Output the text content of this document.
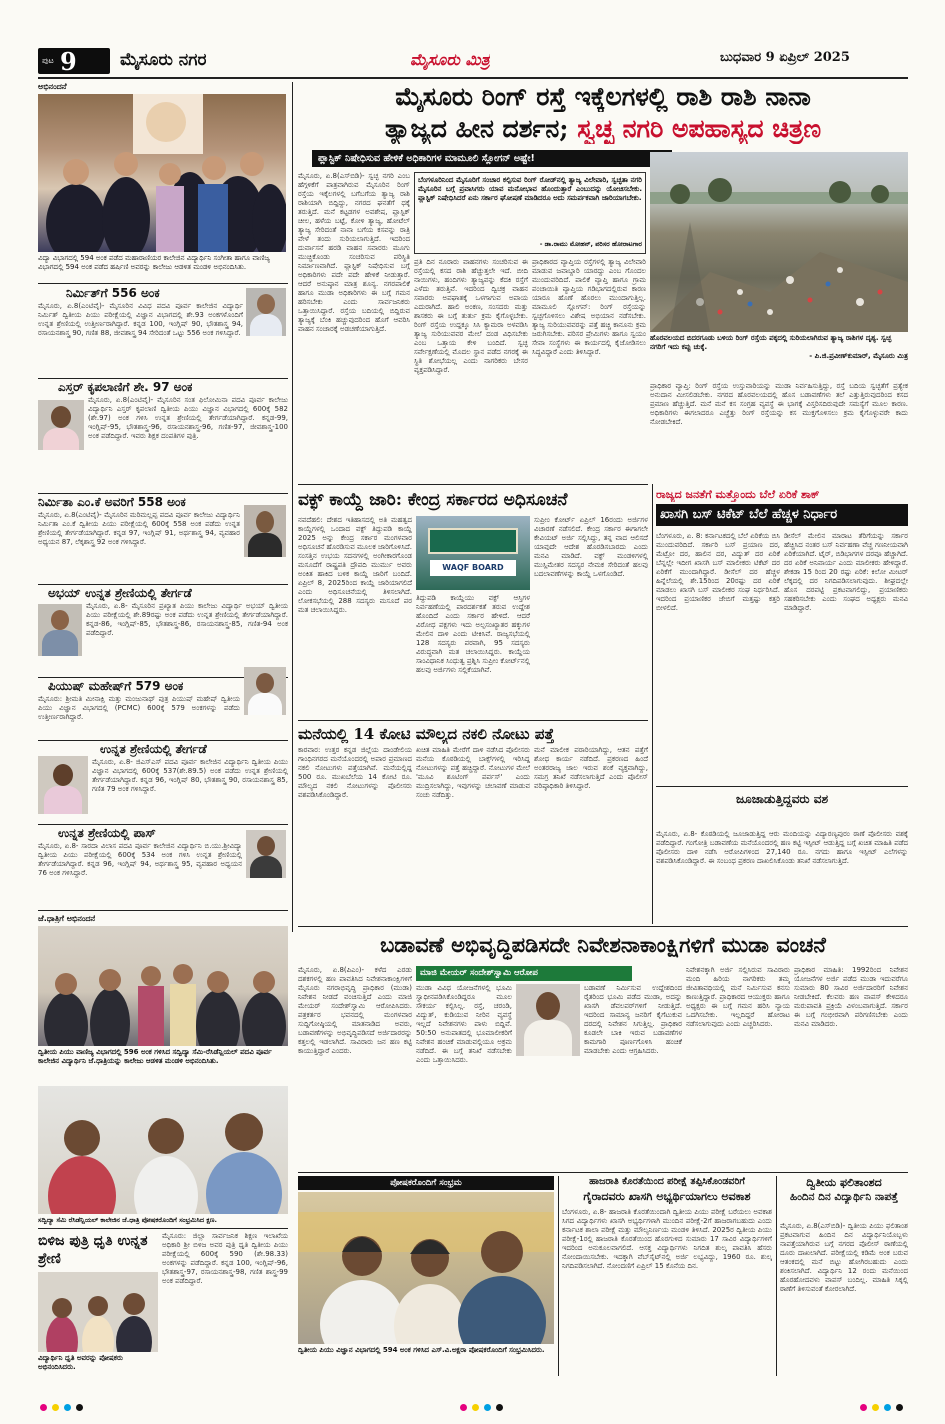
ಪುಟ 9	ಮೈಸೂರು ನಗರ	ಮೈಸೂರು ಮಿತ್ರ	ಬುಧವಾರ 9 ಏಪ್ರಿಲ್ 2025
ಅಭಿನಂದನೆ
ವಿದ್ಯಾ ವಿಭಾಗದಲ್ಲಿ 594 ಅಂಕ ಪಡೆದ ಮಹಾರಾಣಿಯರ ಕಾಲೇಜಿನ ವಿದ್ಯಾರ್ಥಿನಿ ಸಂಗೀತಾ ಹಾಗೂ ವಾಣಿಜ್ಯ ವಿಭಾಗದಲ್ಲಿ 594 ಅಂಕ ಪಡೆದ ಹರ್ಷಿಣಿ ಅವರನ್ನು ಕಾಲೇಜು ಆಡಳಿತ ಮಂಡಳಿ ಅಭಿನಂದಿಸಿತು.
ನಿರ್ಮಿತ್‌ಗೆ 556 ಅಂಕ
ಮೈಸೂರು, ಏ.8(ಎಂಟಿವೈ)- ಮೈಸೂರಿನ ವಿವಿಧ ಪದವಿ ಪೂರ್ವ ಕಾಲೇಜಿನ ವಿದ್ಯಾರ್ಥಿ ನಿರ್ಮಿತ್ ದ್ವಿತೀಯ ಪಿಯು ಪರೀಕ್ಷೆಯಲ್ಲಿ ವಿಜ್ಞಾನ ವಿಭಾಗದಲ್ಲಿ ಶೇ.93 ಅಂಕಗಳೊಂದಿಗೆ ಉನ್ನತ ಶ್ರೇಣಿಯಲ್ಲಿ ಉತ್ತೀರ್ಣರಾಗಿದ್ದಾರೆ. ಕನ್ನಡ 100, ಇಂಗ್ಲಿಷ್ 90, ಭೌತಶಾಸ್ತ್ರ 94, ರಸಾಯನಶಾಸ್ತ್ರ 90, ಗಣಿತ 88, ಜೀವಶಾಸ್ತ್ರ 94 ಸೇರಿದಂತೆ ಒಟ್ಟು 556 ಅಂಕ ಗಳಿಸಿದ್ದಾರೆ.
ಎಸ್ತರ್ ಕೃಪಲಾಣಿಗೆ ಶೇ. 97 ಅಂಕ
ಮೈಸೂರು, ಏ.8(ಎಂಟಿವೈ)- ಮೈಸೂರಿನ ಸಂತ ಫಿಲೋಮಿನಾ ಪದವಿ ಪೂರ್ವ ಕಾಲೇಜು ವಿದ್ಯಾರ್ಥಿನಿ ಎಸ್ತರ್ ಕೃಪಲಾಣಿ ದ್ವಿತೀಯ ಪಿಯು ವಿಜ್ಞಾನ ವಿಭಾಗದಲ್ಲಿ 600ಕ್ಕೆ 582 (ಶೇ.97) ಅಂಕ ಗಳಿಸಿ ಉನ್ನತ ಶ್ರೇಣಿಯಲ್ಲಿ ತೇರ್ಗಡೆಯಾಗಿದ್ದಾರೆ. ಕನ್ನಡ-99, ಇಂಗ್ಲಿಷ್-95, ಭೌತಶಾಸ್ತ್ರ-96, ರಸಾಯನಶಾಸ್ತ್ರ-96, ಗಣಿತ-97, ಜೀವಶಾಸ್ತ್ರ-100 ಅಂಕ ಪಡೆದಿದ್ದಾರೆ. ಇವರು ಶಿಕ್ಷಕ ದಂಪತಿಗಳ ಪುತ್ರಿ.
ನಿರ್ಮಿತಾ ಎಂ.ಕೆ ಅವರಿಗೆ 558 ಅಂಕ
ಮೈಸೂರು, ಏ.8(ಎಂಟಿವೈ)- ಮೈಸೂರಿನ ಮರಿಮಲ್ಲಪ್ಪ ಪದವಿ ಪೂರ್ವ ಕಾಲೇಜು ವಿದ್ಯಾರ್ಥಿನಿ ನಿರ್ಮಿತಾ ಎಂ.ಕೆ ದ್ವಿತೀಯ ಪಿಯು ಪರೀಕ್ಷೆಯಲ್ಲಿ 600ಕ್ಕೆ 558 ಅಂಕ ಪಡೆದು ಉನ್ನತ ಶ್ರೇಣಿಯಲ್ಲಿ ತೇರ್ಗಡೆಯಾಗಿದ್ದಾರೆ. ಕನ್ನಡ 97, ಇಂಗ್ಲಿಷ್ 91, ಅರ್ಥಶಾಸ್ತ್ರ 94, ವ್ಯವಹಾರ ಅಧ್ಯಯನ 87, ಲೆಕ್ಕಶಾಸ್ತ್ರ 92 ಅಂಕ ಗಳಿಸಿದ್ದಾರೆ.
ಅಭಯ್ ಉನ್ನತ ಶ್ರೇಣಿಯಲ್ಲಿ ತೇರ್ಗಡೆ
ಮೈಸೂರು, ಏ.8- ಮೈಸೂರಿನ ಪ್ರಖ್ಯಾತ ಪಿಯು ಕಾಲೇಜು ವಿದ್ಯಾರ್ಥಿ ಅಭಯ್ ದ್ವಿತೀಯ ಪಿಯು ಪರೀಕ್ಷೆಯಲ್ಲಿ ಶೇ.89ರಷ್ಟು ಅಂಕ ಪಡೆದು ಉನ್ನತ ಶ್ರೇಣಿಯಲ್ಲಿ ತೇರ್ಗಡೆಯಾಗಿದ್ದಾರೆ. ಕನ್ನಡ-86, ಇಂಗ್ಲಿಷ್-85, ಭೌತಶಾಸ್ತ್ರ-86, ರಸಾಯನಶಾಸ್ತ್ರ-85, ಗಣಿತ-94 ಅಂಕ ಪಡೆದಿದ್ದಾರೆ.
ಪಿಯುಷ್ ಮಹೇಷ್‌ಗೆ 579 ಅಂಕ
ಮೈಸೂರು: ಶ್ರೀಮತಿ ಮೀನಾಕ್ಷಿ ಮತ್ತು ಮಂಜುನಾಥ್ ಪುತ್ರ ಪಿಯುಷ್ ಮಹೇಷ್ ದ್ವಿತೀಯ ಪಿಯು ವಿಜ್ಞಾನ ವಿಭಾಗದಲ್ಲಿ (PCMC) 600ಕ್ಕೆ 579 ಅಂಕಗಳನ್ನು ಪಡೆದು ಉತ್ತೀರ್ಣರಾಗಿದ್ದಾರೆ.
ಉನ್ನತ ಶ್ರೇಣಿಯಲ್ಲಿ ತೇರ್ಗಡೆ
ಮೈಸೂರು, ಏ.8- ಜಿಎಸ್‌ಎಸ್ ಪದವಿ ಪೂರ್ವ ಕಾಲೇಜಿನ ವಿದ್ಯಾರ್ಥಿನಿ ದ್ವಿತೀಯ ಪಿಯು ವಿಜ್ಞಾನ ವಿಭಾಗದಲ್ಲಿ 600ಕ್ಕೆ 537(ಶೇ.89.5) ಅಂಕ ಪಡೆದು ಉನ್ನತ ಶ್ರೇಣಿಯಲ್ಲಿ ತೇರ್ಗಡೆಯಾಗಿದ್ದಾರೆ. ಕನ್ನಡ 96, ಇಂಗ್ಲಿಷ್ 80, ಭೌತಶಾಸ್ತ್ರ 90, ರಸಾಯನಶಾಸ್ತ್ರ 85, ಗಣಿತ 79 ಅಂಕ ಗಳಿಸಿದ್ದಾರೆ.
ಉನ್ನತ ಶ್ರೇಣಿಯಲ್ಲಿ ಪಾಸ್
ಮೈಸೂರು, ಏ.8- ಸಾರದಾ ವಿಲಾಸ ಪದವಿ ಪೂರ್ವ ಕಾಲೇಜಿನ ವಿದ್ಯಾರ್ಥಿನಿ ಬಿ.ಯು.ಶ್ರೀವಿದ್ಯಾ ದ್ವಿತೀಯ ಪಿಯು ಪರೀಕ್ಷೆಯಲ್ಲಿ 600ಕ್ಕೆ 534 ಅಂಕ ಗಳಿಸಿ ಉನ್ನತ ಶ್ರೇಣಿಯಲ್ಲಿ ತೇರ್ಗಡೆಯಾಗಿದ್ದಾರೆ. ಕನ್ನಡ 96, ಇಂಗ್ಲಿಷ್ 94, ಅರ್ಥಶಾಸ್ತ್ರ 95, ವ್ಯವಹಾರ ಅಧ್ಯಯನ 76 ಅಂಕ ಗಳಿಸಿದ್ದಾರೆ.
ಜೆ.ಧಾತ್ರಿಗೆ ಅಭಿನಂದನೆ
ದ್ವಿತೀಯ ಪಿಯು ವಾಣಿಜ್ಯ ವಿಭಾಗದಲ್ಲಿ 596 ಅಂಕ ಗಳಿಸಿದ ಸದ್ವಿದ್ಯಾ ಸೆಮಿ-ರೆಸಿಡೆನ್ಷಿಯಲ್ ಪದವಿ ಪೂರ್ವ ಕಾಲೇಜಿನ ವಿದ್ಯಾರ್ಥಿನಿ ಜೆ.ಧಾತ್ರಿಯನ್ನು ಕಾಲೇಜು ಆಡಳಿತ ಮಂಡಳಿ ಅಭಿನಂದಿಸಿತು.
ಸದ್ವಿದ್ಯಾ ಸೆಮಿ ರೆಸಿಡೆನ್ಷಿಯಲ್ ಕಾಲೇಜಿನ ಜೆ.ಧಾತ್ರಿ ಪೋಷಕರೊಂದಿಗೆ ಸಂಭ್ರಮಿಸಿದ ಕ್ಷಣ.
ಬಿಳಿಜ ಪುತ್ರಿ ಧೃತಿ ಉನ್ನತ ಶ್ರೇಣಿ
ಮೈಸೂರು: ಜಿಲ್ಲಾ ಸಾರ್ವಜನಿಕ ಶಿಕ್ಷಣ ಇಲಾಖೆಯ ಅಧಿಕಾರಿ ಶ್ರೀ ಬಿಳಿಜ ಅವರ ಪುತ್ರಿ ಧೃತಿ ದ್ವಿತೀಯ ಪಿಯು ಪರೀಕ್ಷೆಯಲ್ಲಿ 600ಕ್ಕೆ 590 (ಶೇ.98.33) ಅಂಕಗಳನ್ನು ಪಡೆದಿದ್ದಾರೆ. ಕನ್ನಡ 100, ಇಂಗ್ಲಿಷ್-96, ಭೌತಶಾಸ್ತ್ರ-97, ರಸಾಯನಶಾಸ್ತ್ರ-98, ಗಣಿತ ಶಾಸ್ತ್ರ-99 ಅಂಕ ಪಡೆದಿದ್ದಾರೆ.
ವಿದ್ಯಾರ್ಥಿನಿ ಧೃತಿ ಅವರನ್ನು ಪೋಷಕರು ಅಭಿನಂದಿಸಿದರು.
ಮೈಸೂರು ರಿಂಗ್ ರಸ್ತೆ ಇಕ್ಕೆಲಗಳಲ್ಲಿ ರಾಶಿ ರಾಶಿ ನಾನಾ
ತ್ಯಾಜ್ಯದ ಹೀನ ದರ್ಶನ; ಸ್ವಚ್ಛ ನಗರಿ ಅಪಹಾಸ್ಯದ ಚಿತ್ರಣ
ಪ್ಲಾಸ್ಟಿಕ್ ನಿಷೇಧಿಸುವ ಹೇಳಿಕೆ ಅಧಿಕಾರಿಗಳ ಮಾಮೂಲಿ ಸ್ಲೋಗನ್ ಅಷ್ಟೇ!
ಮೈಸೂರು, ಏ.8(ಎಸ್‌ಬಿಡಿ)- ಸ್ವಚ್ಛ ನಗರಿ ಎಂಬ ಹೆಗ್ಗಳಿಕೆಗೆ ಪಾತ್ರವಾಗಿರುವ ಮೈಸೂರಿನ ರಿಂಗ್ ರಸ್ತೆಯ ಇಕ್ಕೆಲಗಳಲ್ಲಿ ಬಗೆಬಗೆಯ ತ್ಯಾಜ್ಯ ರಾಶಿ ರಾಶಿಯಾಗಿ ಬಿದ್ದಿದ್ದು, ನಗರದ ಘನತೆಗೆ ಧಕ್ಕೆ ತರುತ್ತಿದೆ. ಮನೆ ಕಟ್ಟಡಗಳ ಅವಶೇಷ, ಪ್ಲಾಸ್ಟಿಕ್ ಚೀಲ, ಹಳೆಯ ಬಟ್ಟೆ, ಕೋಳಿ ತ್ಯಾಜ್ಯ, ಹೋಟೆಲ್ ತ್ಯಾಜ್ಯ ಸೇರಿದಂತೆ ನಾನಾ ಬಗೆಯ ಕಸವನ್ನು ರಾತ್ರಿ ವೇಳೆ ತಂದು ಸುರಿಯಲಾಗುತ್ತಿದೆ. ಇದರಿಂದ ದುರ್ವಾಸನೆ ಹರಡಿ ವಾಹನ ಸವಾರರು ಮೂಗು ಮುಚ್ಚಿಕೊಂಡು ಸಂಚರಿಸುವ ಪರಿಸ್ಥಿತಿ ನಿರ್ಮಾಣವಾಗಿದೆ. ಪ್ಲಾಸ್ಟಿಕ್ ನಿಷೇಧಿಸುವ ಬಗ್ಗೆ ಅಧಿಕಾರಿಗಳು ಪದೇ ಪದೇ ಹೇಳಿಕೆ ನೀಡುತ್ತಾರೆ. ಆದರೆ ಅನುಷ್ಠಾನ ಮಾತ್ರ ಶೂನ್ಯ. ನಗರಪಾಲಿಕೆ ಹಾಗೂ ಮುಡಾ ಅಧಿಕಾರಿಗಳು ಈ ಬಗ್ಗೆ ಗಮನ ಹರಿಸಬೇಕು ಎಂದು ಸಾರ್ವಜನಿಕರು ಒತ್ತಾಯಿಸಿದ್ದಾರೆ. ರಸ್ತೆಯ ಬದಿಯಲ್ಲಿ ಬಿದ್ದಿರುವ ತ್ಯಾಜ್ಯಕ್ಕೆ ಬೆಂಕಿ ಹಚ್ಚುವುದರಿಂದ ಹೊಗೆ ಆವರಿಸಿ ವಾಹನ ಸಂಚಾರಕ್ಕೆ ಅಡಚಣೆಯಾಗುತ್ತಿದೆ.
ಬೆಂಗಳೂರಿನಿಂದ ಮೈಸೂರಿಗೆ ಸಂಚಾರ ಕಲ್ಪಿಸುವ ರಿಂಗ್ ರೋಡ್‌ನಲ್ಲಿ ತ್ಯಾಜ್ಯ ವಿಲೇವಾರಿ, ಸ್ವಚ್ಛತಾ ನಗರಿ ಮೈಸೂರಿನ ಬಗ್ಗೆ ಪ್ರವಾಸಿಗರು ಯಾವ ಮನೋಭಾವ ಹೊಂದುತ್ತಾರೆ ಎಂಬುದನ್ನು ಯೋಚಿಸಬೇಕು. ಪ್ಲಾಸ್ಟಿಕ್ ನಿಷೇಧಿಸಿದರೆ ಏನು ಸರ್ಕಾರ ಘೋಷಣೆ ಮಾಡಿದರೂ ಅದು ಸಮರ್ಪಕವಾಗಿ ಜಾರಿಯಾಗಬೇಕು.
- ಡಾ.ರಾಮು ಮೋಹನ್, ಪರಿಸರ ಹೋರಾಟಗಾರ
ಹೊರವಲಯದ ಬಿದರಗೂಡು ಬಳಿಯ ರಿಂಗ್ ರಸ್ತೆಯ ಪಕ್ಕದಲ್ಲಿ ಸುರಿಯಲಾಗಿರುವ ತ್ಯಾಜ್ಯ ರಾಶಿಗಳ ದೃಶ್ಯ. ಸ್ವಚ್ಛ ನಗರಿಗೆ ಇದು ಕಪ್ಪು ಚುಕ್ಕೆ.
- ಪಿ.ಜಿ.ಪ್ರವೀಣ್‌ಕುಮಾರ್, ಮೈಸೂರು ಮಿತ್ರ
ಪ್ರತಿ ದಿನ ನೂರಾರು ವಾಹನಗಳು ಸಂಚರಿಸುವ ಈ ರಸ್ತೆಯಲ್ಲಿ ಕಸದ ರಾಶಿ ಹೆಚ್ಚುತ್ತಲೇ ಇದೆ. ಬೀದಿ ನಾಯಿಗಳು, ಹಂದಿಗಳು ತ್ಯಾಜ್ಯವನ್ನು ಕೆದಕಿ ರಸ್ತೆಗೆ ಎಳೆದು ತರುತ್ತಿವೆ. ಇದರಿಂದ ದ್ವಿಚಕ್ರ ವಾಹನ ಸವಾರರು ಅಪಘಾತಕ್ಕೆ ಒಳಗಾಗುವ ಅಪಾಯ ಎದುರಾಗಿದೆ. ಹಾಲಿ ಅಂಕಣ, ಸಂಸದರು ಮತ್ತು ಶಾಸಕರು ಈ ಬಗ್ಗೆ ತುರ್ತು ಕ್ರಮ ಕೈಗೊಳ್ಳಬೇಕು. ರಿಂಗ್ ರಸ್ತೆಯ ಉದ್ದಕ್ಕೂ ಸಿಸಿ ಕ್ಯಾಮರಾ ಅಳವಡಿಸಿ ತ್ಯಾಜ್ಯ ಸುರಿಯುವವರ ಮೇಲೆ ದಂಡ ವಿಧಿಸಬೇಕು ಎಂಬ ಒತ್ತಾಯ ಕೇಳಿ ಬಂದಿದೆ. ಸ್ವಚ್ಛ ಸರ್ವೇಕ್ಷಣೆಯಲ್ಲಿ ಮೊದಲ ಸ್ಥಾನ ಪಡೆದ ನಗರಕ್ಕೆ ಈ ಸ್ಥಿತಿ ಶೋಭೆಯಲ್ಲ ಎಂದು ನಾಗರಿಕರು ಬೇಸರ ವ್ಯಕ್ತಪಡಿಸಿದ್ದಾರೆ.
ಪ್ರಾಧಿಕಾರದ ವ್ಯಾಪ್ತಿಯ ರಸ್ತೆಗಳಲ್ಲಿ ತ್ಯಾಜ್ಯ ವಿಲೇವಾರಿ ಮಾಡುವ ಜವಾಬ್ದಾರಿ ಯಾರದ್ದು ಎಂಬ ಗೊಂದಲ ಮುಂದುವರಿದಿದೆ. ಪಾಲಿಕೆ ವ್ಯಾಪ್ತಿ ಹಾಗೂ ಗ್ರಾಮ ಪಂಚಾಯಿತಿ ವ್ಯಾಪ್ತಿಯ ಗಡಿಭಾಗದಲ್ಲಿರುವ ಕಾರಣ ಯಾರೂ ಹೊಣೆ ಹೊರಲು ಮುಂದಾಗುತ್ತಿಲ್ಲ. ಮಾಮೂಲಿ ಸ್ಲೋಗನ್: ರಿಂಗ್ ರಸ್ತೆಯನ್ನು ಸ್ವಚ್ಛಗೊಳಿಸಲು ವಿಶೇಷ ಅಭಿಯಾನ ನಡೆಸಬೇಕು. ತ್ಯಾಜ್ಯ ಸುರಿಯುವವರನ್ನು ಪತ್ತೆ ಹಚ್ಚಿ ಕಾನೂನು ಕ್ರಮ ಜರುಗಿಸಬೇಕು. ಪರಿಸರ ಪ್ರೇಮಿಗಳು ಹಾಗೂ ಸ್ವಯಂ ಸೇವಾ ಸಂಸ್ಥೆಗಳು ಈ ಕಾರ್ಯದಲ್ಲಿ ಕೈಜೋಡಿಸಲು ಸಿದ್ಧವಿದ್ದಾರೆ ಎಂದು ತಿಳಿಸಿದ್ದಾರೆ.
ಪ್ರಾಧಿಕಾರ ವ್ಯಾಪ್ತಿ: ರಿಂಗ್ ರಸ್ತೆಯ ಉಸ್ತುವಾರಿಯನ್ನು ಮುಡಾ ನಿರ್ವಹಿಸುತ್ತಿದ್ದು, ರಸ್ತೆ ಬದಿಯ ಸ್ವಚ್ಛತೆಗೆ ಪ್ರತ್ಯೇಕ ಅನುದಾನ ಮೀಸಲಿಡಬೇಕು. ನಗರದ ಹೊರವಲಯದಲ್ಲಿ ಹೊಸ ಬಡಾವಣೆಗಳು ತಲೆ ಎತ್ತುತ್ತಿರುವುದರಿಂದ ಕಸದ ಪ್ರಮಾಣ ಹೆಚ್ಚುತ್ತಿದೆ. ಮನೆ ಮನೆ ಕಸ ಸಂಗ್ರಹ ವ್ಯವಸ್ಥೆ ಈ ಭಾಗಕ್ಕೆ ವಿಸ್ತರಿಸದಿರುವುದೇ ಸಮಸ್ಯೆಗೆ ಮೂಲ ಕಾರಣ. ಅಧಿಕಾರಿಗಳು ಈಗಲಾದರೂ ಎಚ್ಚೆತ್ತು ರಿಂಗ್ ರಸ್ತೆಯನ್ನು ಕಸ ಮುಕ್ತಗೊಳಿಸಲು ಕ್ರಮ ಕೈಗೊಳ್ಳುವರೇ ಕಾದು ನೋಡಬೇಕಿದೆ.
ವಕ್ಫ್ ಕಾಯ್ದೆ ಜಾರಿ: ಕೇಂದ್ರ ಸರ್ಕಾರದ ಅಧಿಸೂಚನೆ
ನವದೆಹಲಿ: ದೇಶದ ಇತಿಹಾಸದಲ್ಲಿ ಅತಿ ಮಹತ್ವದ ಕಾಯ್ದೆಗಳಲ್ಲಿ ಒಂದಾದ ವಕ್ಫ್ ತಿದ್ದುಪಡಿ ಕಾಯ್ದೆ 2025 ಅನ್ನು ಕೇಂದ್ರ ಸರ್ಕಾರ ಮಂಗಳವಾರ ಅಧಿಸೂಚನೆ ಹೊರಡಿಸುವ ಮೂಲಕ ಜಾರಿಗೊಳಿಸಿದೆ. ಸಂಸತ್ತಿನ ಉಭಯ ಸದನಗಳಲ್ಲಿ ಅಂಗೀಕಾರಗೊಂಡ ಮಸೂದೆಗೆ ರಾಷ್ಟ್ರಪತಿ ದ್ರೌಪದಿ ಮುರ್ಮು ಅವರು ಅಂಕಿತ ಹಾಕಿದ ಬಳಿಕ ಕಾಯ್ದೆ ಜಾರಿಗೆ ಬಂದಿದೆ. ಏಪ್ರಿಲ್ 8, 2025ರಿಂದ ಕಾಯ್ದೆ ಜಾರಿಯಾಗಲಿದೆ ಎಂದು ಅಧಿಸೂಚನೆಯಲ್ಲಿ ತಿಳಿಸಲಾಗಿದೆ. ಲೋಕಸಭೆಯಲ್ಲಿ 288 ಸದಸ್ಯರು ಮಸೂದೆ ಪರ ಮತ ಚಲಾಯಿಸಿದ್ದರು.
WAQF BOARD
ತಿದ್ದುಪಡಿ ಕಾಯ್ದೆಯು ವಕ್ಫ್ ಆಸ್ತಿಗಳ ನಿರ್ವಹಣೆಯಲ್ಲಿ ಪಾರದರ್ಶಕತೆ ತರುವ ಉದ್ದೇಶ ಹೊಂದಿದೆ ಎಂದು ಸರ್ಕಾರ ಹೇಳಿದೆ. ಆದರೆ ವಿರೋಧ ಪಕ್ಷಗಳು ಇದು ಅಲ್ಪಸಂಖ್ಯಾತರ ಹಕ್ಕುಗಳ ಮೇಲಿನ ದಾಳಿ ಎಂದು ಟೀಕಿಸಿವೆ. ರಾಜ್ಯಸಭೆಯಲ್ಲಿ 128 ಸದಸ್ಯರು ಪರವಾಗಿ, 95 ಸದಸ್ಯರು ವಿರುದ್ಧವಾಗಿ ಮತ ಚಲಾಯಿಸಿದ್ದರು. ಕಾಯ್ದೆಯ ಸಾಂವಿಧಾನಿಕ ಸಿಂಧುತ್ವ ಪ್ರಶ್ನಿಸಿ ಸುಪ್ರೀಂ ಕೋರ್ಟ್‌ನಲ್ಲಿ ಹಲವು ಅರ್ಜಿಗಳು ಸಲ್ಲಿಕೆಯಾಗಿವೆ.
ಸುಪ್ರೀಂ ಕೋರ್ಟ್ ಏಪ್ರಿಲ್ 16ರಂದು ಅರ್ಜಿಗಳ ವಿಚಾರಣೆ ನಡೆಸಲಿದೆ. ಕೇಂದ್ರ ಸರ್ಕಾರ ಈಗಾಗಲೇ ಕೇವಿಯಟ್ ಅರ್ಜಿ ಸಲ್ಲಿಸಿದ್ದು, ತನ್ನ ವಾದ ಆಲಿಸದೆ ಯಾವುದೇ ಆದೇಶ ಹೊರಡಿಸಬಾರದು ಎಂದು ಮನವಿ ಮಾಡಿದೆ. ವಕ್ಫ್ ಮಂಡಳಿಗಳಲ್ಲಿ ಮುಸ್ಲಿಮೇತರ ಸದಸ್ಯರ ನೇಮಕ ಸೇರಿದಂತೆ ಹಲವು ಬದಲಾವಣೆಗಳನ್ನು ಕಾಯ್ದೆ ಒಳಗೊಂಡಿದೆ.
ಮನೆಯಲ್ಲಿ 14 ಕೋಟಿ ಮೌಲ್ಯದ ನಕಲಿ ನೋಟು ಪತ್ತೆ
ಕಾರವಾರ: ಉತ್ತರ ಕನ್ನಡ ಜಿಲ್ಲೆಯ ದಾಂಡೇಲಿಯ ಗಾಂಧಿನಗರದ ಮನೆಯೊಂದರಲ್ಲಿ ಅಪಾರ ಪ್ರಮಾಣದ ನಕಲಿ ನೋಟುಗಳು ಪತ್ತೆಯಾಗಿವೆ. ಮನೆಯಲ್ಲಿದ್ದ 500 ರೂ. ಮುಖಬೆಲೆಯ 14 ಕೋಟಿ ರೂ. ಮೌಲ್ಯದ ನಕಲಿ ನೋಟುಗಳನ್ನು ಪೊಲೀಸರು ವಶಪಡಿಸಿಕೊಂಡಿದ್ದಾರೆ.
ಖಚಿತ ಮಾಹಿತಿ ಮೇರೆಗೆ ದಾಳಿ ನಡೆಸಿದ ಪೊಲೀಸರು ಮನೆಯ ಕೊಠಡಿಯಲ್ಲಿ ಬಾಕ್ಸ್‌ಗಳಲ್ಲಿ ಇರಿಸಿದ್ದ ನೋಟುಗಳನ್ನು ಪತ್ತೆ ಹಚ್ಚಿದ್ದಾರೆ. ನೋಟುಗಳ ಮೇಲೆ 'ಮೂವಿ ಶೂಟಿಂಗ್ ಪರ್ಪಸ್' ಎಂದು ಮುದ್ರಿಸಲಾಗಿದ್ದು, ಇವುಗಳನ್ನು ಚಲಾವಣೆ ಮಾಡುವ ಸಂಚು ನಡೆದಿತ್ತು.
ಮನೆ ಮಾಲೀಕ ಪರಾರಿಯಾಗಿದ್ದು, ಆತನ ಪತ್ತೆಗೆ ಶೋಧ ಕಾರ್ಯ ನಡೆದಿದೆ. ಪ್ರಕರಣದ ಹಿಂದೆ ಅಂತರರಾಜ್ಯ ಜಾಲ ಇರುವ ಶಂಕೆ ವ್ಯಕ್ತವಾಗಿದ್ದು, ಸಮಗ್ರ ತನಿಖೆ ನಡೆಸಲಾಗುತ್ತಿದೆ ಎಂದು ಪೊಲೀಸ್ ವರಿಷ್ಠಾಧಿಕಾರಿ ತಿಳಿಸಿದ್ದಾರೆ.
ರಾಜ್ಯದ ಜನತೆಗೆ ಮತ್ತೊಂದು ಬೆಲೆ ಏರಿಕೆ ಶಾಕ್
ಖಾಸಗಿ ಬಸ್ ಟಿಕೆಟ್ ಬೆಲೆ ಹೆಚ್ಚಳ ನಿರ್ಧಾರ
ಬೆಂಗಳೂರು, ಏ. 8: ಕರ್ನಾಟಕದಲ್ಲಿ ಬೆಲೆ ಏರಿಕೆಯ ಬಿಸಿ ಮುಂದುವರಿದಿದೆ. ಸರ್ಕಾರಿ ಬಸ್ ಪ್ರಯಾಣ ದರ, ಮೆಟ್ರೋ ದರ, ಹಾಲಿನ ದರ, ವಿದ್ಯುತ್ ದರ ಏರಿಕೆ ಬೆನ್ನಲ್ಲೇ ಇದೀಗ ಖಾಸಗಿ ಬಸ್ ಮಾಲೀಕರು ಟಿಕೆಟ್ ದರ ಏರಿಕೆಗೆ ಮುಂದಾಗಿದ್ದಾರೆ. ಡೀಸೆಲ್ ದರ ಹೆಚ್ಚಳ ಹಿನ್ನೆಲೆಯಲ್ಲಿ ಶೇ.15ರಿಂದ 20ರಷ್ಟು ದರ ಏರಿಕೆ ಮಾಡಲು ಖಾಸಗಿ ಬಸ್ ಮಾಲೀಕರ ಸಂಘ ನಿರ್ಧರಿಸಿದೆ. ಇದರಿಂದ ಪ್ರಯಾಣಿಕರ ಜೇಬಿಗೆ ಮತ್ತಷ್ಟು ಕತ್ತರಿ ಬೀಳಲಿದೆ.
ಡೀಸೆಲ್ ಮೇಲಿನ ಮಾರಾಟ ತೆರಿಗೆಯನ್ನು ಸರ್ಕಾರ ಹೆಚ್ಚಿಸಿದ ನಂತರ ಬಸ್ ನಿರ್ವಹಣಾ ವೆಚ್ಚ ಗಣನೀಯವಾಗಿ ಏರಿಕೆಯಾಗಿದೆ. ಟೈರ್, ಬಿಡಿಭಾಗಗಳ ದರವೂ ಹೆಚ್ಚಾಗಿದೆ. ದರ ಏರಿಕೆ ಅನಿವಾರ್ಯ ಎಂದು ಮಾಲೀಕರು ಹೇಳಿದ್ದಾರೆ. ಶೇಕಡಾ 15 ರಿಂದ 20 ರಷ್ಟು ಏರಿಕೆ: ಕಿಲೋ ಮೀಟರ್ ಲೆಕ್ಕದಲ್ಲಿ ದರ ನಿಗದಿಪಡಿಸಲಾಗುವುದು. ಶೀಘ್ರದಲ್ಲೇ ಹೊಸ ದರಪಟ್ಟಿ ಪ್ರಕಟವಾಗಲಿದ್ದು, ಪ್ರಯಾಣಿಕರು ಸಹಕರಿಸಬೇಕು ಎಂದು ಸಂಘದ ಅಧ್ಯಕ್ಷರು ಮನವಿ ಮಾಡಿದ್ದಾರೆ.
ಜೂಜಾಡುತ್ತಿದ್ದವರು ವಶ
ಮೈಸೂರು, ಏ.8- ಕೊಠಡಿಯಲ್ಲಿ ಜೂಜಾಡುತ್ತಿದ್ದ ಆರು ಮಂದಿಯನ್ನು ವಿದ್ಯಾರಣ್ಯಪುರಂ ಠಾಣೆ ಪೊಲೀಸರು ವಶಕ್ಕೆ ಪಡೆದಿದ್ದಾರೆ. ಗಂಗೋತ್ರಿ ಬಡಾವಣೆಯ ಮನೆಯೊಂದರಲ್ಲಿ ಹಣ ಕಟ್ಟಿ ಇಸ್ಪೀಟ್ ಆಡುತ್ತಿದ್ದ ಬಗ್ಗೆ ಖಚಿತ ಮಾಹಿತಿ ಪಡೆದ ಪೊಲೀಸರು ದಾಳಿ ನಡೆಸಿ ಆರೋಪಿಗಳಿಂದ 27,140 ರೂ. ನಗದು ಹಾಗೂ ಇಸ್ಪೀಟ್ ಎಲೆಗಳನ್ನು ವಶಪಡಿಸಿಕೊಂಡಿದ್ದಾರೆ. ಈ ಸಂಬಂಧ ಪ್ರಕರಣ ದಾಖಲಿಸಿಕೊಂಡು ತನಿಖೆ ನಡೆಸಲಾಗುತ್ತಿದೆ.
ಬಡಾವಣೆ ಅಭಿವೃದ್ಧಿಪಡಿಸದೇ ನಿವೇಶನಾಕಾಂಕ್ಷಿಗಳಿಗೆ ಮುಡಾ ವಂಚನೆ
ಮೈಸೂರು, ಏ.8(ಪಿಎಂ)- ಕಳೆದ ಎರಡು ದಶಕಗಳಲ್ಲಿ ಹಣ ಪಾವತಿಸಿದ ನಿವೇಶನಾಕಾಂಕ್ಷಿಗಳಿಗೆ ಮೈಸೂರು ನಗರಾಭಿವೃದ್ಧಿ ಪ್ರಾಧಿಕಾರ (ಮುಡಾ) ನಿವೇಶನ ನೀಡದೆ ವಂಚಿಸುತ್ತಿದೆ ಎಂದು ಮಾಜಿ ಮೇಯರ್ ಸಂದೇಶ್‌ಸ್ವಾಮಿ ಆರೋಪಿಸಿದರು. ಪತ್ರಕರ್ತರ ಭವನದಲ್ಲಿ ಮಂಗಳವಾರ ಸುದ್ದಿಗೋಷ್ಠಿಯಲ್ಲಿ ಮಾತನಾಡಿದ ಅವರು, ಬಡಾವಣೆಗಳನ್ನು ಅಭಿವೃದ್ಧಿಪಡಿಸದೆ ಅರ್ಜಿದಾರರನ್ನು ಕತ್ತಲಲ್ಲಿ ಇಡಲಾಗಿದೆ. ಸಾವಿರಾರು ಜನ ಹಣ ಕಟ್ಟಿ ಕಾಯುತ್ತಿದ್ದಾರೆ ಎಂದರು.
ಮಾಜಿ ಮೇಯರ್ ಸಂದೇಶ್‌ಸ್ವಾಮಿ ಆರೋಪ
ಮುಡಾ ವಿವಿಧ ಯೋಜನೆಗಳಲ್ಲಿ ಭೂಮಿ ಸ್ವಾಧೀನಪಡಿಸಿಕೊಂಡಿದ್ದರೂ ಮೂಲ ಸೌಕರ್ಯ ಕಲ್ಪಿಸಿಲ್ಲ. ರಸ್ತೆ, ಚರಂಡಿ, ವಿದ್ಯುತ್, ಕುಡಿಯುವ ನೀರಿನ ವ್ಯವಸ್ಥೆ ಇಲ್ಲದೆ ನಿವೇಶನಗಳು ಪಾಳು ಬಿದ್ದಿವೆ. 50:50 ಅನುಪಾತದಲ್ಲಿ ಭೂಮಾಲೀಕರಿಗೆ ನಿವೇಶನ ಹಂಚಿಕೆ ಮಾಡುವಲ್ಲಿಯೂ ಅಕ್ರಮ ನಡೆದಿದೆ. ಈ ಬಗ್ಗೆ ತನಿಖೆ ನಡೆಸಬೇಕು ಎಂದು ಒತ್ತಾಯಿಸಿದರು.
ಬಡಾವಣೆ ನಿರ್ಮಿಸುವ ಉದ್ದೇಶದಿಂದ ರೈತರಿಂದ ಭೂಮಿ ಪಡೆದ ಮುಡಾ, ಅದನ್ನು ಖಾಸಗಿ ಡೆವಲಪರ್‌ಗಳಿಗೆ ನೀಡುತ್ತಿದೆ. ಇದರಿಂದ ಸಾಮಾನ್ಯ ಜನರಿಗೆ ಕೈಗೆಟುಕುವ ದರದಲ್ಲಿ ನಿವೇಶನ ಸಿಗುತ್ತಿಲ್ಲ. ಪ್ರಾಧಿಕಾರ ಕೂಡಲೇ ಬಾಕಿ ಇರುವ ಬಡಾವಣೆಗಳ ಕಾಮಗಾರಿ ಪೂರ್ಣಗೊಳಿಸಿ ಹಂಚಿಕೆ ಮಾಡಬೇಕು ಎಂದು ಆಗ್ರಹಿಸಿದರು.
ನಿವೇಶನಕ್ಕಾಗಿ ಅರ್ಜಿ ಸಲ್ಲಿಸಿರುವ ಸಾವಿರಾರು ಮಂದಿ ಹಿರಿಯ ನಾಗರಿಕರು ತಮ್ಮ ಜೀವಿತಾವಧಿಯಲ್ಲಿ ಮನೆ ನಿರ್ಮಿಸುವ ಕನಸು ಕಾಣುತ್ತಿದ್ದಾರೆ. ಪ್ರಾಧಿಕಾರದ ಆಯುಕ್ತರು ಹಾಗೂ ಅಧ್ಯಕ್ಷರು ಈ ಬಗ್ಗೆ ಗಮನ ಹರಿಸಿ ನ್ಯಾಯ ಒದಗಿಸಬೇಕು. ಇಲ್ಲದಿದ್ದರೆ ಹೋರಾಟ ನಡೆಸಲಾಗುವುದು ಎಂದು ಎಚ್ಚರಿಸಿದರು.
ಪ್ರಾಧಿಕಾರ ಮಾಹಿತಿ: 1992ರಿಂದ ನಿವೇಶನ ಯೋಜನೆಗಳ ಅರ್ಜಿ ಪಡೆದ ಮುಡಾ ಇದುವರೆಗೂ ಸುಮಾರು 80 ಸಾವಿರ ಅರ್ಜಿದಾರರಿಗೆ ನಿವೇಶನ ನೀಡಬೇಕಿದೆ. ಕೆಲವರು ಹಣ ವಾಪಸ್ ಕೇಳಿದರೂ ಮರುಪಾವತಿ ಪ್ರಕ್ರಿಯೆ ವಿಳಂಬವಾಗುತ್ತಿದೆ. ಸರ್ಕಾರ ಈ ಬಗ್ಗೆ ಗಂಭೀರವಾಗಿ ಪರಿಗಣಿಸಬೇಕು ಎಂದು ಮನವಿ ಮಾಡಿದರು.
ಪೋಷಕರೊಂದಿಗೆ ಸಂಭ್ರಮ
ದ್ವಿತೀಯ ಪಿಯು ವಿಜ್ಞಾನ ವಿಭಾಗದಲ್ಲಿ 594 ಅಂಕ ಗಳಿಸಿದ ಎಸ್.ವಿ.ಅಕ್ಷರಾ ಪೋಷಕರೊಂದಿಗೆ ಸಂಭ್ರಮಿಸಿದರು.
ಹಾಜರಾತಿ ಕೊರತೆಯಿಂದ ಪರೀಕ್ಷೆ ತಪ್ಪಿಸಿಕೊಂಡವರಿಗೆ
ಗೈರಾದವರು ಖಾಸಗಿ ಅಭ್ಯರ್ಥಿಯಾಗಲು ಅವಕಾಶ
ಬೆಂಗಳೂರು, ಏ.8- ಹಾಜರಾತಿ ಕೊರತೆಯಿಂದಾಗಿ ದ್ವಿತೀಯ ಪಿಯು ಪರೀಕ್ಷೆ ಬರೆಯಲು ಅವಕಾಶ ಸಿಗದ ವಿದ್ಯಾರ್ಥಿಗಳು ಖಾಸಗಿ ಅಭ್ಯರ್ಥಿಗಳಾಗಿ ಮುಂದಿನ ಪರೀಕ್ಷೆ-2ಗೆ ಹಾಜರಾಗಬಹುದು ಎಂದು ಕರ್ನಾಟಕ ಶಾಲಾ ಪರೀಕ್ಷೆ ಮತ್ತು ಮೌಲ್ಯನಿರ್ಣಯ ಮಂಡಳಿ ತಿಳಿಸಿದೆ. 2025ರ ದ್ವಿತೀಯ ಪಿಯು ಪರೀಕ್ಷೆ-1ರಲ್ಲಿ ಹಾಜರಾತಿ ಕೊರತೆಯಿಂದ ಹೊರಗುಳಿದ ಸುಮಾರು 17 ಸಾವಿರ ವಿದ್ಯಾರ್ಥಿಗಳಿಗೆ ಇದರಿಂದ ಅನುಕೂಲವಾಗಲಿದೆ. ಆಸಕ್ತ ವಿದ್ಯಾರ್ಥಿಗಳು ನಿಗದಿತ ಶುಲ್ಕ ಪಾವತಿಸಿ ಹೆಸರು ನೋಂದಾಯಿಸಬೇಕು. ಇದಕ್ಕಾಗಿ ವೆಬ್‌ಸೈಟ್‌ನಲ್ಲಿ ಅರ್ಜಿ ಲಭ್ಯವಿದ್ದು, 1960 ರೂ. ಶುಲ್ಕ ನಿಗದಿಪಡಿಸಲಾಗಿದೆ. ನೋಂದಣಿಗೆ ಏಪ್ರಿಲ್ 15 ಕೊನೆಯ ದಿನ.
ದ್ವಿತೀಯ ಫಲಿತಾಂಶದ
ಹಿಂದಿನ ದಿನ ವಿದ್ಯಾರ್ಥಿನಿ ನಾಪತ್ತೆ
ಮೈಸೂರು, ಏ.8(ಎಸ್‌ಬಿಡಿ)- ದ್ವಿತೀಯ ಪಿಯು ಫಲಿತಾಂಶ ಪ್ರಕಟವಾಗುವ ಹಿಂದಿನ ದಿನ ವಿದ್ಯಾರ್ಥಿನಿಯೊಬ್ಬಳು ನಾಪತ್ತೆಯಾಗಿರುವ ಬಗ್ಗೆ ನಗರದ ಪೊಲೀಸ್ ಠಾಣೆಯಲ್ಲಿ ದೂರು ದಾಖಲಾಗಿದೆ. ಪರೀಕ್ಷೆಯಲ್ಲಿ ಕಡಿಮೆ ಅಂಕ ಬರುವ ಆತಂಕದಲ್ಲಿ ಮನೆ ಬಿಟ್ಟು ಹೋಗಿರಬಹುದು ಎಂದು ಶಂಕಿಸಲಾಗಿದೆ. ವಿದ್ಯಾರ್ಥಿನಿ 12 ರಂದು ಮನೆಯಿಂದ ಹೊರಹೋದವಳು ವಾಪಸ್ ಬಂದಿಲ್ಲ. ಮಾಹಿತಿ ಸಿಕ್ಕಲ್ಲಿ ಠಾಣೆಗೆ ತಿಳಿಸುವಂತೆ ಕೋರಲಾಗಿದೆ.
